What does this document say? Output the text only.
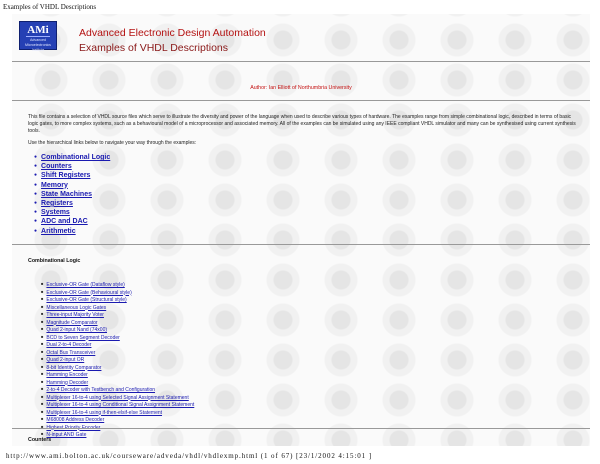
Examples of VHDL Descriptions
AMi
Advanced
Microelectronics
Institute
Advanced Electronic Design Automation
Examples of VHDL Descriptions

Author: Ian Elliott of Northumbria University

This file contains a selection of VHDL source files which serve to illustrate the diversity and power of the language when used to describe various types of hardware. The examples range from simple combinational logic, described in terms of basic logic gates, to more complex systems, such as a behavioural model of a microprocessor and associated memory. All of the examples can be simulated using any IEEE compliant VHDL simulator and many can be synthesised using current synthesis tools.

Use the hierarchical links below to navigate your way through the examples:

● Combinational Logic
● Counters
● Shift Registers
● Memory
● State Machines
● Registers
● Systems
● ADC and DAC
● Arithmetic

Combinational Logic

■ Exclusive-OR Gate (Dataflow style)
■ Exclusive-OR Gate (Behavioural style)
■ Exclusive-OR Gate (Structural style)
■ Miscellaneous Logic Gates
■ Three-input Majority Voter
■ Magnitude Comparator
■ Quad 2-input Nand (74x00)
■ BCD to Seven Segment Decoder
■ Dual 2-to-4 Decoder
■ Octal Bus Transceiver
■ Quad 2-input OR
■ 8-bit Identity Comparator
■ Hamming Encoder
■ Hamming Decoder
■ 2-to-4 Decoder with Testbench and Configuration
■ Multiplexer 16-to-4 using Selected Signal Assignment Statement
■ Multiplexer 16-to-4 using Conditional Signal Assignment Statement
■ Multiplexer 16-to-4 using if-then-elsif-else Statement
■ M68008 Address Decoder
■
■ N-input AND Gate

Counters

http://www.ami.bolton.ac.uk/courseware/adveda/vhdl/vhdlexmp.html (1 of 67) [23/1/2002 4:15:01 ]
